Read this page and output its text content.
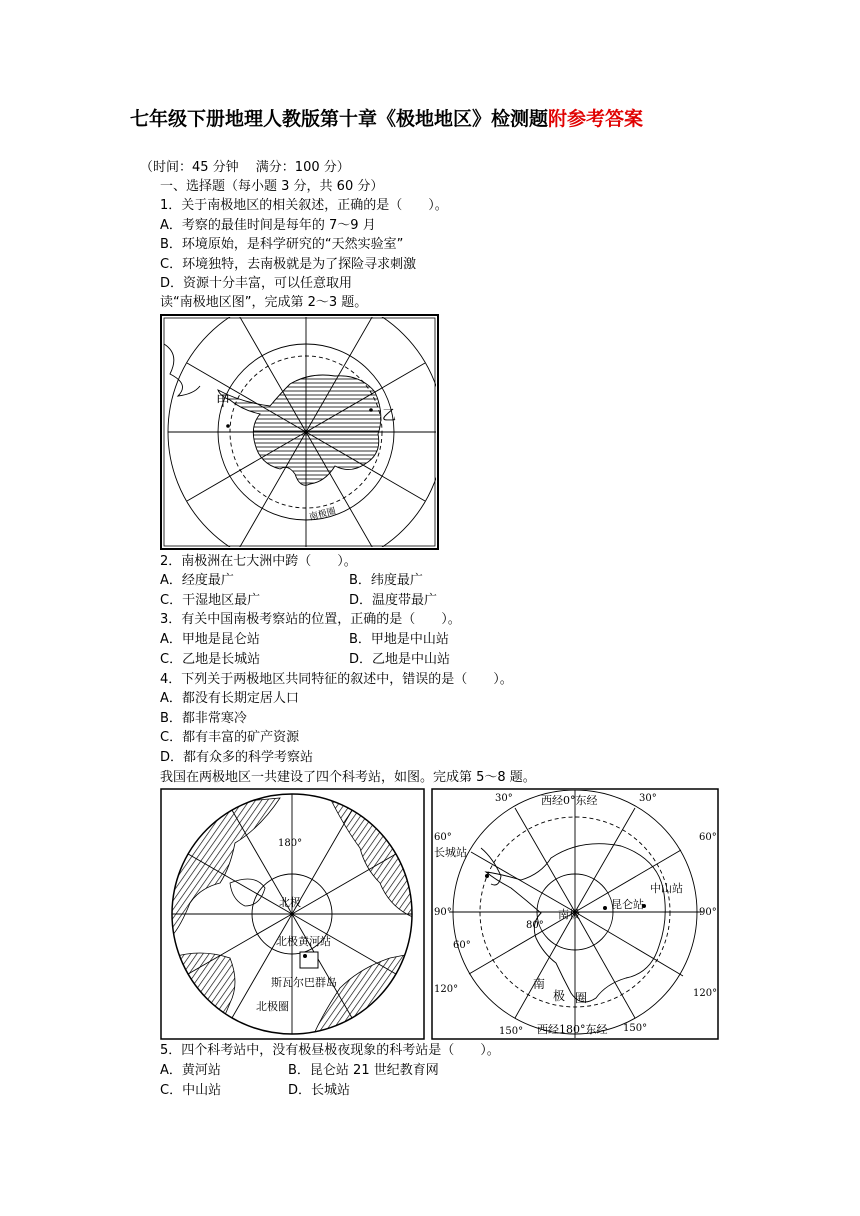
七年级下册地理人教版第十章《极地地区》检测题附参考答案
（时间：45 分钟　 满分：100 分）
一、选择题（每小题 3 分，共 60 分）
1．关于南极地区的相关叙述，正确的是（　　）。
A．考察的最佳时间是每年的 7～9 月
B．环境原始，是科学研究的“天然实验室”
C．环境独特，去南极就是为了探险寻求刺激
D．资源十分丰富，可以任意取用
读“南极地区图”，完成第 2～3 题。
甲
乙
南极圈
2．南极洲在七大洲中跨（　　）。
A．经度最广	B．纬度最广
C．干湿地区最广	D．温度带最广
3．有关中国南极考察站的位置，正确的是（　　）。
A．甲地是昆仑站	B．甲地是中山站
C．乙地是长城站	D．乙地是中山站
4．下列关于两极地区共同特征的叙述中，错误的是（　　）。
A．都没有长期定居人口
B．都非常寒冷
C．都有丰富的矿产资源
D．都有众多的科学考察站
我国在两极地区一共建设了四个科考站，如图。完成第 5～8 题。
180°
北极
北极黄河站
斯瓦尔巴群岛
北极圈
西经0°东经
西经180°东经
南极
南
极 圈
长城站
昆仑站
中山站
30°	30°
60°	60°
90°	90°
60°
80°
120°	120°
150°	150°
5．四个科考站中，没有极昼极夜现象的科考站是（　　）。
A．黄河站	B．昆仑站 21 世纪教育网
C．中山站	D．长城站
